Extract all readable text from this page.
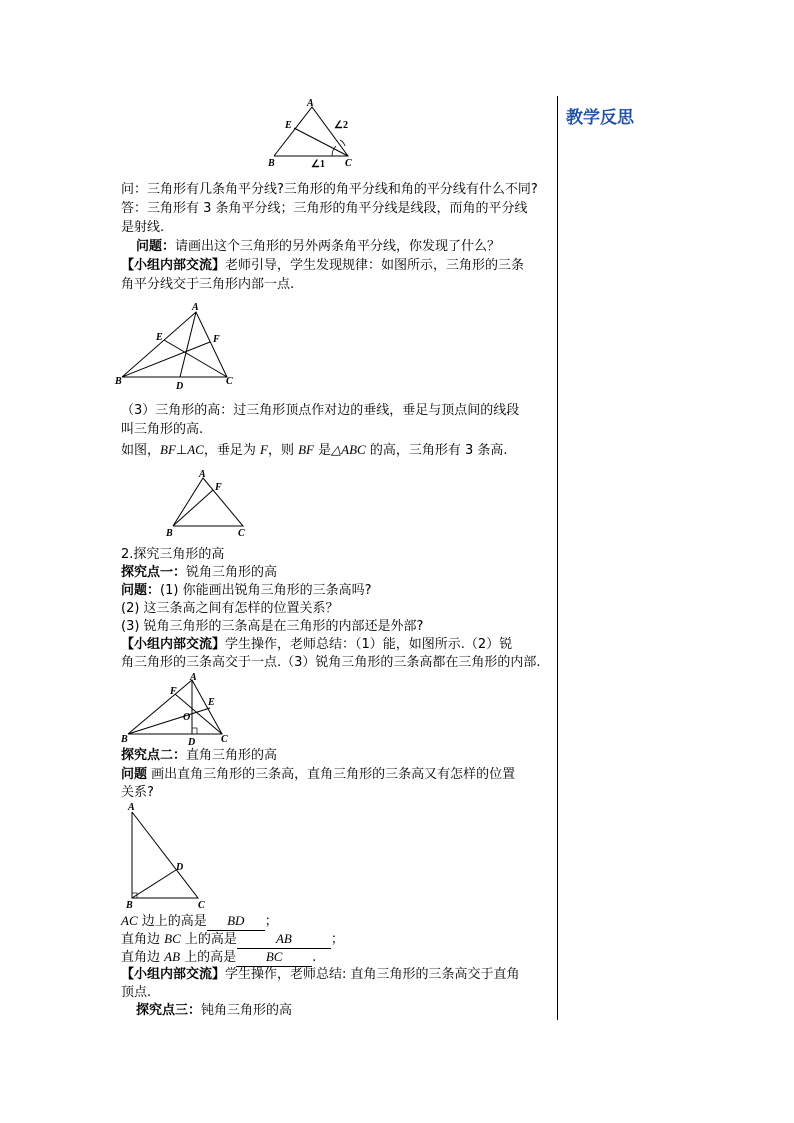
教学反思
A
E
B	C
∠1
∠2
问：三角形有几条角平分线?三角形的角平分线和角的平分线有什么不同?
答：三角形有 3 条角平分线；三角形的角平分线是线段，而角的平分线
是射线.
问题：请画出这个三角形的另外两条角平分线，你发现了什么？
【小组内部交流】老师引导，学生发现规律：如图所示，三角形的三条
角平分线交于三角形内部一点.
A
E	F
B	D	C
（3）三角形的高：过三角形顶点作对边的垂线，垂足与顶点间的线段
叫三角形的高.
如图，BF⊥AC，垂足为 F，则 BF 是△ABC 的高，三角形有 3 条高.
A
F
B	C
2.探究三角形的高
探究点一：锐角三角形的高
问题：(1) 你能画出锐角三角形的三条高吗?
(2) 这三条高之间有怎样的位置关系？
(3) 锐角三角形的三条高是在三角形的内部还是外部?
【小组内部交流】学生操作，老师总结：（1）能，如图所示.（2）锐
角三角形的三条高交于一点.（3）锐角三角形的三条高都在三角形的内部.
A
F
E
O
B	D	C
探究点二：直角三角形的高
问题 画出直角三角形的三条高，直角三角形的三条高又有怎样的位置
关系?
A
D
B	C
AC 边上的高是 BD ；
直角边 BC 上的高是	AB	；
直角边 AB 上的高是 BC .
【小组内部交流】学生操作，老师总结: 直角三角形的三条高交于直角
顶点.
探究点三：钝角三角形的高
